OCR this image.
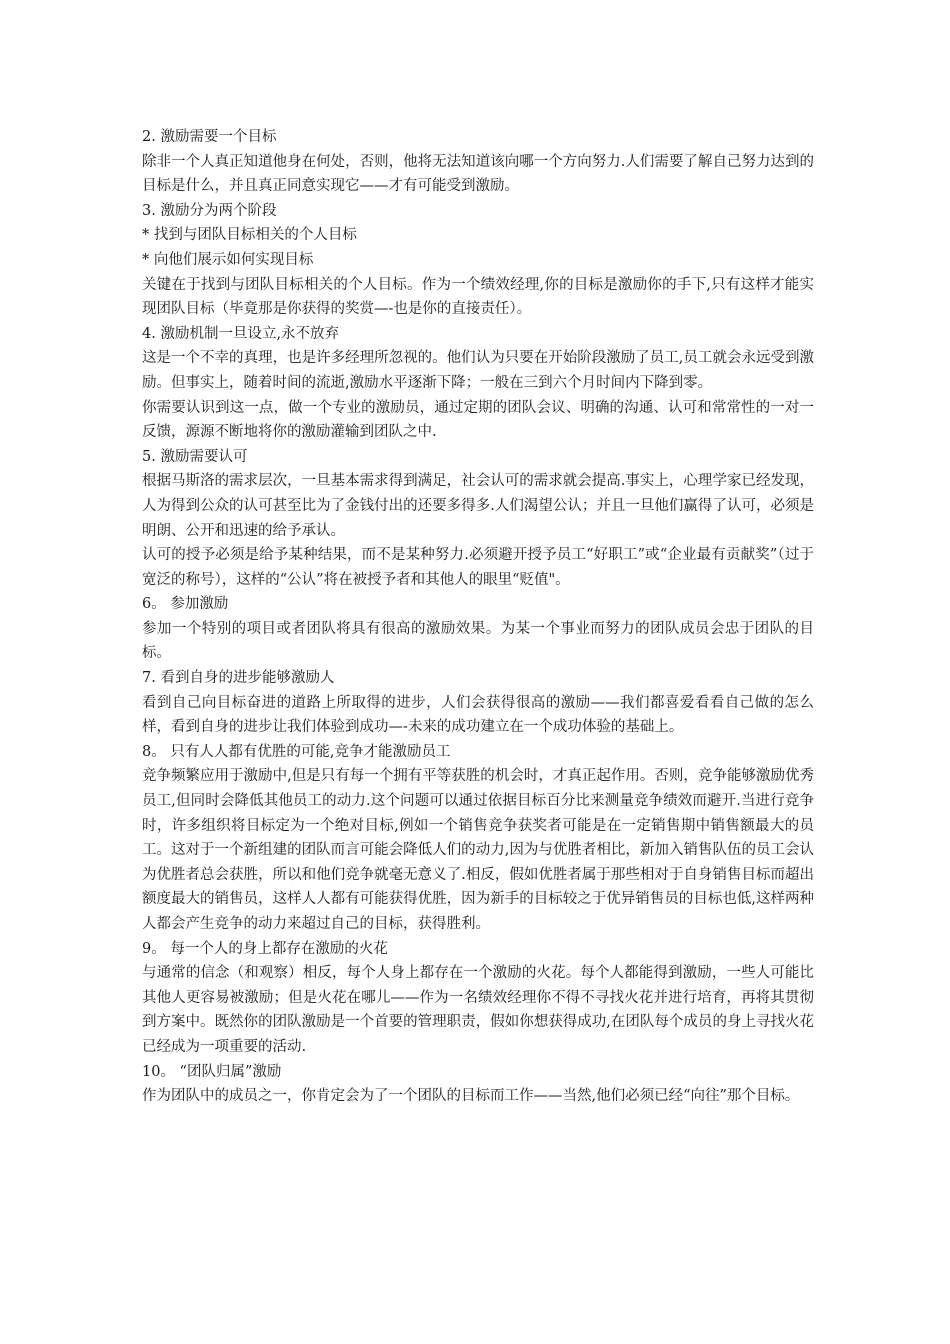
2. 激励需要一个目标
除非一个人真正知道他身在何处，否则，他将无法知道该向哪一个方向努力.人们需要了解自己努力达到的目标是什么，并且真正同意实现它——才有可能受到激励。
3. 激励分为两个阶段
* 找到与团队目标相关的个人目标
* 向他们展示如何实现目标
关键在于找到与团队目标相关的个人目标。作为一个绩效经理,你的目标是激励你的手下,只有这样才能实现团队目标（毕竟那是你获得的奖赏—-也是你的直接责任）。
4. 激励机制一旦设立,永不放弃
这是一个不幸的真理，也是许多经理所忽视的。他们认为只要在开始阶段激励了员工,员工就会永远受到激励。但事实上，随着时间的流逝,激励水平逐渐下降；一般在三到六个月时间内下降到零。
你需要认识到这一点，做一个专业的激励员，通过定期的团队会议、明确的沟通、认可和常常性的一对一反馈，源源不断地将你的激励灌输到团队之中.
5. 激励需要认可
根据马斯洛的需求层次，一旦基本需求得到满足，社会认可的需求就会提高.事实上，心理学家已经发现，人为得到公众的认可甚至比为了金钱付出的还要多得多.人们渴望公认；并且一旦他们赢得了认可，必须是明朗、公开和迅速的给予承认。
认可的授予必须是给予某种结果，而不是某种努力.必须避开授予员工“好职工”或“企业最有贡献奖”（过于宽泛的称号），这样的“公认”将在被授予者和其他人的眼里“贬值"。
6。 参加激励
参加一个特别的项目或者团队将具有很高的激励效果。为某一个事业而努力的团队成员会忠于团队的目标。
7. 看到自身的进步能够激励人
看到自己向目标奋进的道路上所取得的进步，人们会获得很高的激励——我们都喜爱看看自己做的怎么样，看到自身的进步让我们体验到成功—-未来的成功建立在一个成功体验的基础上。
8。 只有人人都有优胜的可能,竞争才能激励员工
竞争频繁应用于激励中,但是只有每一个拥有平等获胜的机会时，才真正起作用。否则，竞争能够激励优秀员工,但同时会降低其他员工的动力.这个问题可以通过依据目标百分比来测量竞争绩效而避开.当进行竞争时，许多组织将目标定为一个绝对目标,例如一个销售竞争获奖者可能是在一定销售期中销售额最大的员工。这对于一个新组建的团队而言可能会降低人们的动力,因为与优胜者相比，新加入销售队伍的员工会认为优胜者总会获胜，所以和他们竞争就毫无意义了.相反，假如优胜者属于那些相对于自身销售目标而超出额度最大的销售员，这样人人都有可能获得优胜，因为新手的目标较之于优异销售员的目标也低,这样两种人都会产生竞争的动力来超过自己的目标，获得胜利。
9。 每一个人的身上都存在激励的火花
与通常的信念（和观察）相反，每个人身上都存在一个激励的火花。每个人都能得到激励，一些人可能比其他人更容易被激励；但是火花在哪儿——作为一名绩效经理你不得不寻找火花并进行培育，再将其贯彻到方案中。既然你的团队激励是一个首要的管理职责，假如你想获得成功,在团队每个成员的身上寻找火花已经成为一项重要的活动.
10。 “团队归属”激励
作为团队中的成员之一，你肯定会为了一个团队的目标而工作——当然,他们必须已经“向往”那个目标。
